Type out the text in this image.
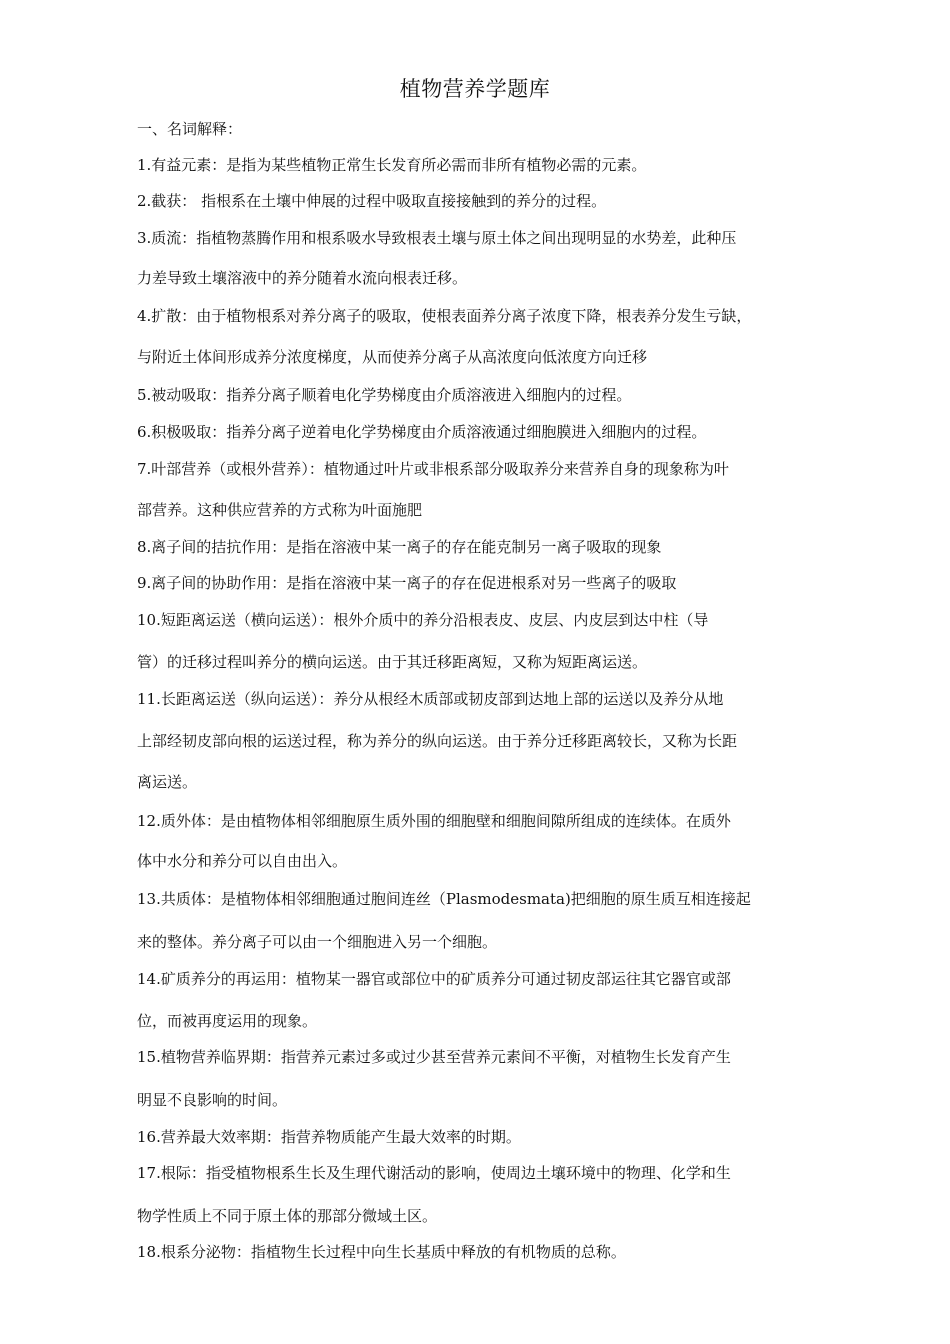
植物营养学题库
一、名词解释：
1.有益元素：是指为某些植物正常生长发育所必需而非所有植物必需的元素。
2.截获： 指根系在土壤中伸展的过程中吸取直接接触到的养分的过程。
3.质流：指植物蒸腾作用和根系吸水导致根表土壤与原土体之间出现明显的水势差，此种压
力差导致土壤溶液中的养分随着水流向根表迁移。
4.扩散：由于植物根系对养分离子的吸取，使根表面养分离子浓度下降，根表养分发生亏缺，
与附近土体间形成养分浓度梯度，从而使养分离子从高浓度向低浓度方向迁移
5.被动吸取：指养分离子顺着电化学势梯度由介质溶液进入细胞内的过程。
6.积极吸取：指养分离子逆着电化学势梯度由介质溶液通过细胞膜进入细胞内的过程。
7.叶部营养（或根外营养）：植物通过叶片或非根系部分吸取养分来营养自身的现象称为叶
部营养。这种供应营养的方式称为叶面施肥
8.离子间的拮抗作用：是指在溶液中某一离子的存在能克制另一离子吸取的现象
9.离子间的协助作用：是指在溶液中某一离子的存在促进根系对另一些离子的吸取
10.短距离运送（横向运送）：根外介质中的养分沿根表皮、皮层、内皮层到达中柱（导
管）的迁移过程叫养分的横向运送。由于其迁移距离短，又称为短距离运送。
11.长距离运送（纵向运送）：养分从根经木质部或韧皮部到达地上部的运送以及养分从地
上部经韧皮部向根的运送过程，称为养分的纵向运送。由于养分迁移距离较长，又称为长距
离运送。
12.质外体：是由植物体相邻细胞原生质外围的细胞壁和细胞间隙所组成的连续体。在质外
体中水分和养分可以自由出入。
13.共质体：是植物体相邻细胞通过胞间连丝（Plasmodesmata)把细胞的原生质互相连接起
来的整体。养分离子可以由一个细胞进入另一个细胞。
14.矿质养分的再运用：植物某一器官或部位中的矿质养分可通过韧皮部运往其它器官或部
位，而被再度运用的现象。
15.植物营养临界期：指营养元素过多或过少甚至营养元素间不平衡，对植物生长发育产生
明显不良影响的时间。
16.营养最大效率期：指营养物质能产生最大效率的时期。
17.根际：指受植物根系生长及生理代谢活动的影响，使周边土壤环境中的物理、化学和生
物学性质上不同于原土体的那部分微域土区。
18.根系分泌物：指植物生长过程中向生长基质中释放的有机物质的总称。
